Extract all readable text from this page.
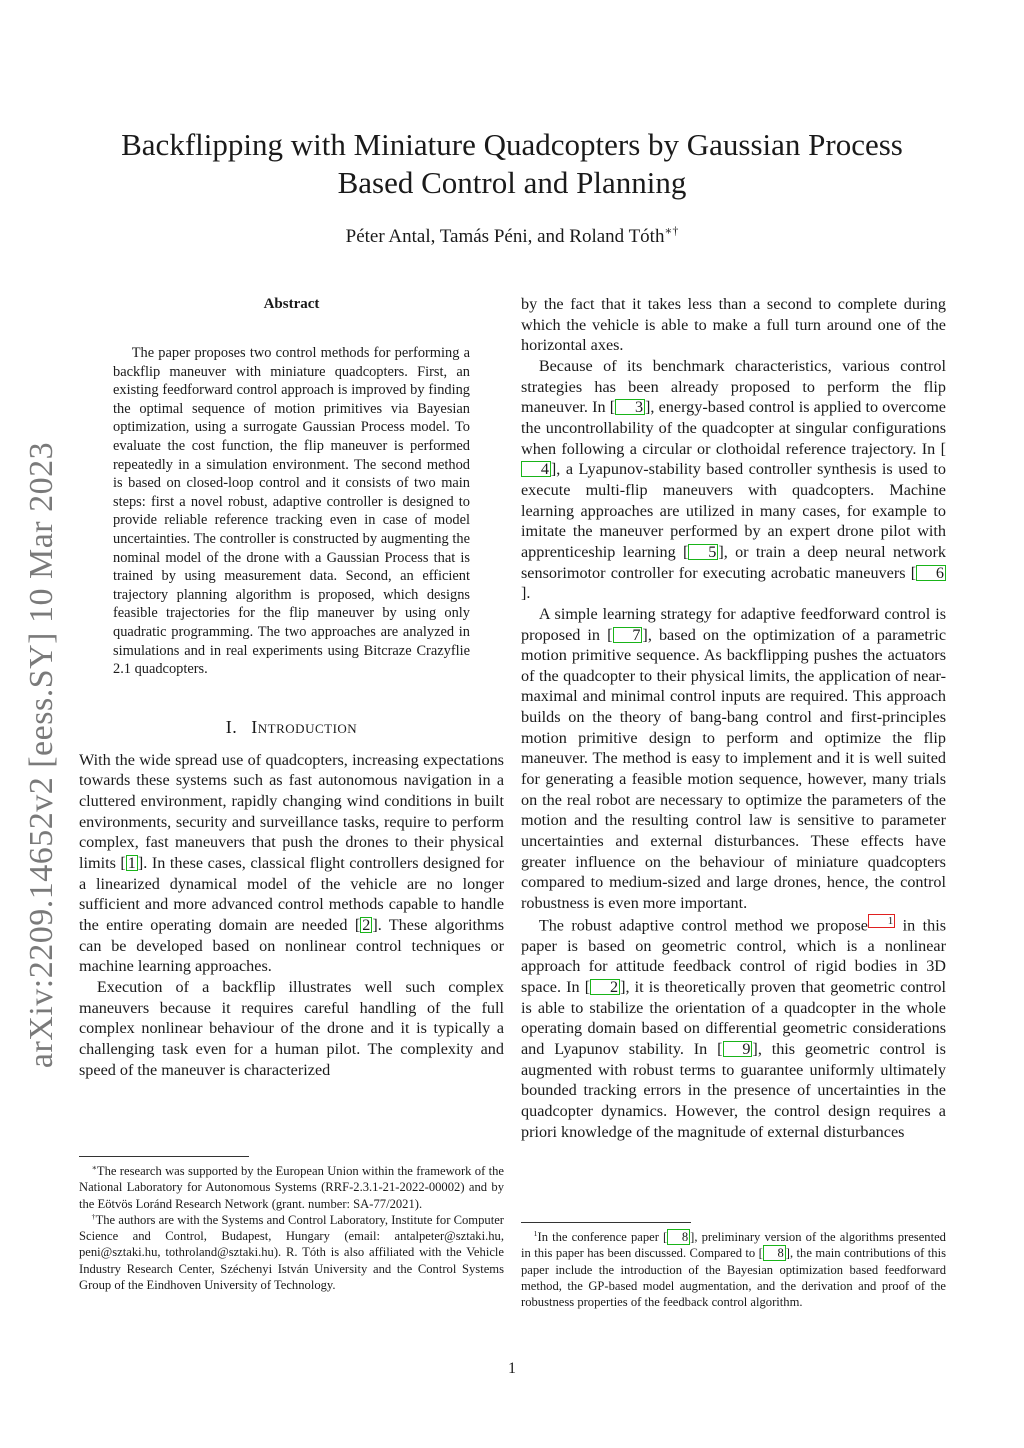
arXiv:2209.14652v2 [eess.SY] 10 Mar 2023
Backflipping with Miniature Quadcopters by Gaussian Process Based Control and Planning
Péter Antal, Tamás Péni, and Roland Tóth∗†
Abstract

The paper proposes two control methods for performing a backflip maneuver with miniature quadcopters. First, an existing feedforward control approach is improved by finding the optimal sequence of motion primitives via Bayesian optimization, using a surrogate Gaussian Process model. To evaluate the cost function, the flip maneuver is performed repeatedly in a simulation environment. The second method is based on closed-loop control and it consists of two main steps: first a novel robust, adaptive controller is designed to provide reliable reference tracking even in case of model uncertainties. The controller is constructed by augmenting the nominal model of the drone with a Gaussian Process that is trained by using measurement data. Second, an efficient trajectory planning algorithm is proposed, which designs feasible trajectories for the flip maneuver by using only quadratic programming. The two approaches are analyzed in simulations and in real experiments using Bitcraze Crazyflie 2.1 quadcopters.

I. Introduction

With the wide spread use of quadcopters, increasing expectations towards these systems such as fast autonomous navigation in a cluttered environment, rapidly changing wind conditions in built environments, security and surveillance tasks, require to perform complex, fast maneuvers that push the drones to their physical limits [ 1 ]. In these cases, classical flight controllers designed for a linearized dynamical model of the vehicle are no longer sufficient and more advanced control methods capable to handle the entire operating domain are needed [ 2 ]. These algorithms can be developed based on nonlinear control techniques or machine learning approaches.

Execution of a backflip illustrates well such complex maneuvers because it requires careful handling of the full complex nonlinear behaviour of the drone and it is typically a challenging task even for a human pilot. The complexity and speed of the maneuver is characterized

by the fact that it takes less than a second to complete during which the vehicle is able to make a full turn around one of the horizontal axes.

Because of its benchmark characteristics, various control strategies has been already proposed to perform the flip maneuver. In [ 3 ], energy-based control is applied to overcome the uncontrollability of the quadcopter at singular configurations when following a circular or clothoidal reference trajectory. In [4 ], a Lyapunov-stability based controller synthesis is used to execute multi-flip maneuvers with quadcopters. Machine learning approaches are utilized in many cases, for example to imitate the maneuver performed by an expert drone pilot with apprenticeship learning [ 5 ], or train a deep neural network sensorimotor controller for executing acrobatic maneuvers [ 6].

A simple learning strategy for adaptive feedforward control is proposed in [ 7 ], based on the optimization of a parametric motion primitive sequence. As backflipping pushes the actuators of the quadcopter to their physical limits, the application of near-maximal and minimal control inputs are required. This approach builds on the theory of bang-bang control and first-principles motion primitive design to perform and optimize the flip maneuver. The method is easy to implement and it is well suited for generating a feasible motion sequence, however, many trials on the real robot are necessary to optimize the parameters of the motion and the resulting control law is sensitive to parameter uncertainties and external disturbances. These effects have greater influence on the behaviour of miniature quadcopters compared to medium-sized and large drones, hence, the control robustness is even more important.

The robust adaptive control method we propose 1 in this paper is based on geometric control, which is a nonlinear approach for attitude feedback control of rigid bodies in 3D space. In [ 2 ], it is theoretically proven that geometric control is able to stabilize the orientation of a quadcopter in the whole operating domain based on differential geometric considerations and Lyapunov stability. In [ 9 ], this geometric control is augmented with robust terms to guarantee uniformly ultimately bounded tracking errors in the presence of uncertainties in the quadcopter dynamics. However, the control design requires a priori knowledge of the magnitude of external disturbances

∗The research was supported by the European Union within the framework of the National Laboratory for Autonomous Systems (RRF-2.3.1-21-2022-00002) and by the Eötvös Loránd Research Network (grant. number: SA-77/2021).

†The authors are with the Systems and Control Laboratory, Institute for Computer Science and Control, Budapest, Hungary (email: antalpeter@sztaki.hu, peni@sztaki.hu, tothroland@sztaki.hu). R. Tóth is also affiliated with the Vehicle Industry Research Center, Széchenyi István University and the Control Systems Group of the Eindhoven University of Technology.

$^1$In the conference paper [ 8 ], preliminary version of the algorithms presented in this paper has been discussed. Compared to [ 8 ], the main contributions of this paper include the introduction of the Bayesian optimization based feedforward method, the GP-based model augmentation, and the derivation and proof of the robustness properties of the feedback control algorithm.

1
